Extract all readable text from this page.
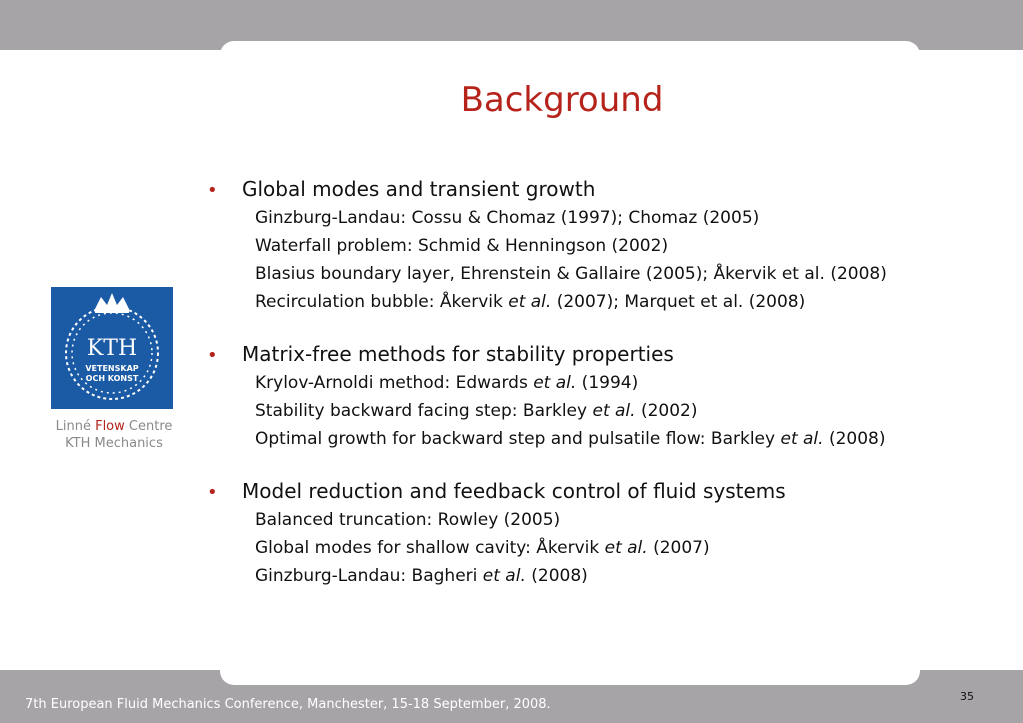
Background
KTH
VETENSKAP
OCH KONST
Linné Flow Centre
KTH Mechanics
•	Global modes and transient growth
Ginzburg-Landau: Cossu & Chomaz (1997); Chomaz (2005)
Waterfall problem: Schmid & Henningson (2002)
Blasius boundary layer, Ehrenstein & Gallaire (2005); Åkervik et al. (2008)
Recirculation bubble: Åkervik et al. (2007); Marquet et al. (2008)
•	Matrix-free methods for stability properties
Krylov-Arnoldi method: Edwards et al. (1994)
Stability backward facing step: Barkley et al. (2002)
Optimal growth for backward step and pulsatile flow: Barkley et al. (2008)
•	Model reduction and feedback control of fluid systems
Balanced truncation: Rowley (2005)
Global modes for shallow cavity: Åkervik et al. (2007)
Ginzburg-Landau: Bagheri et al. (2008)
7th European Fluid Mechanics Conference, Manchester, 15-18 September, 2008.
35
